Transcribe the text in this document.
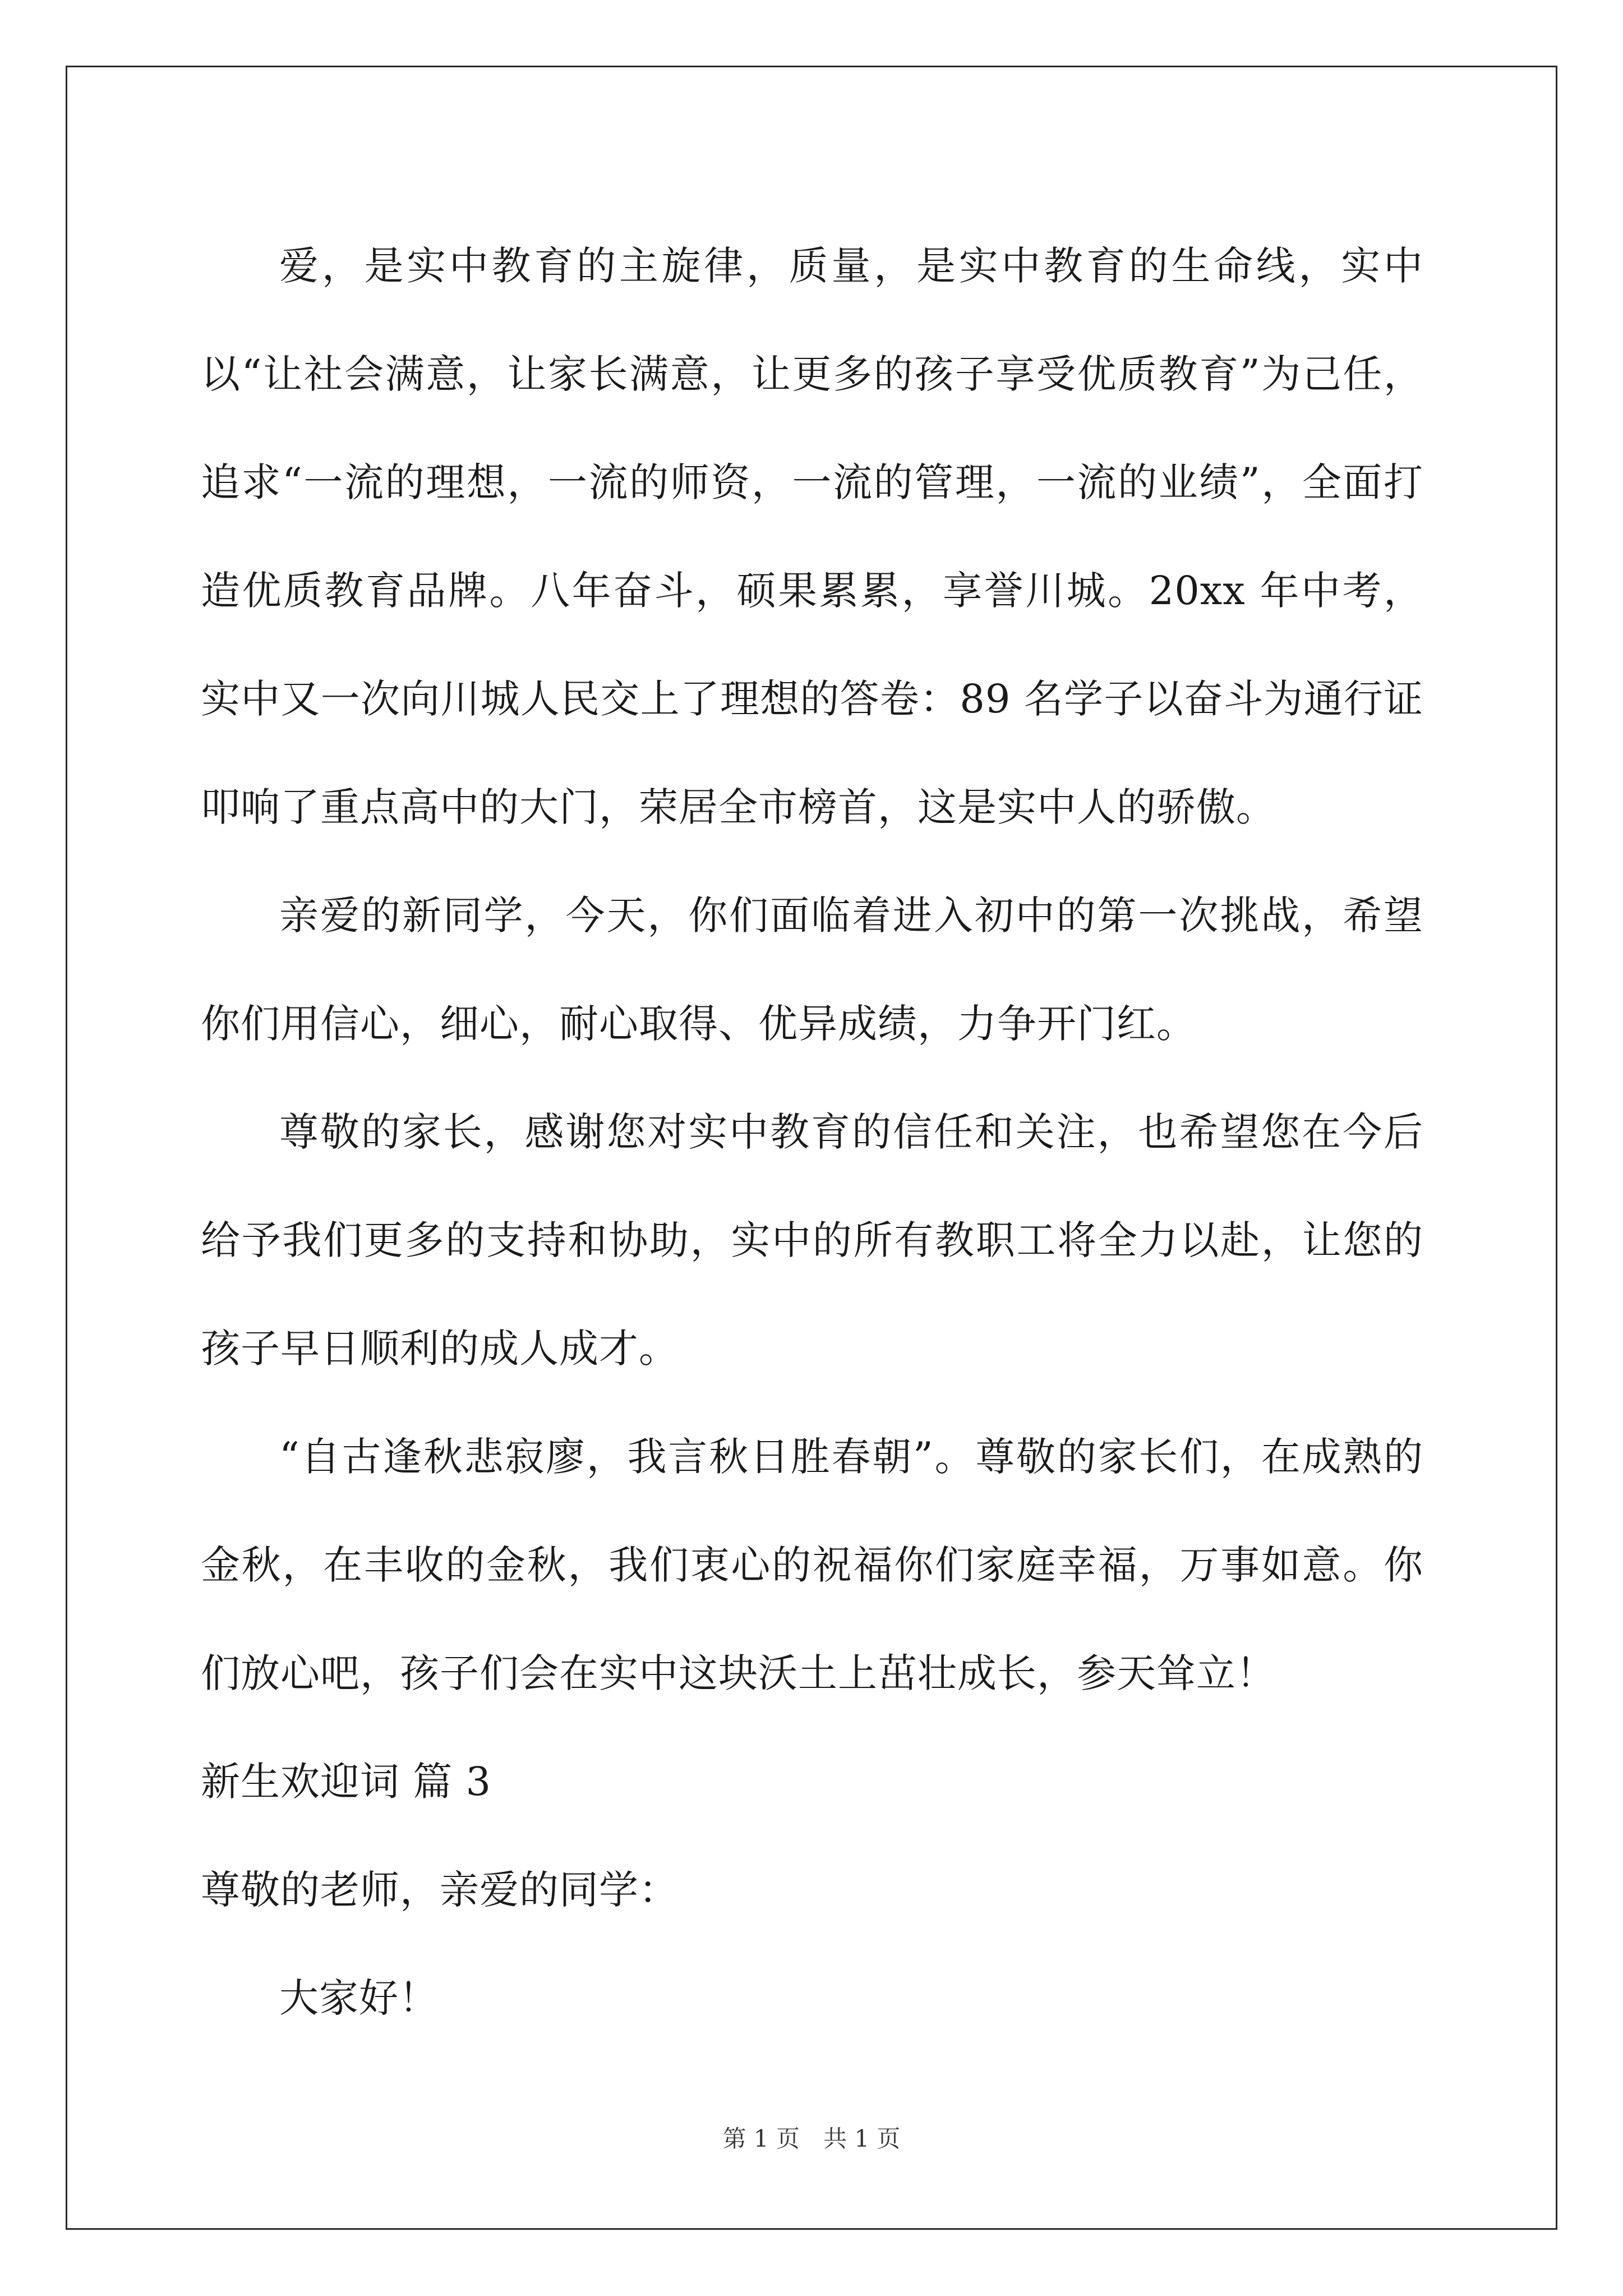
爱，是实中教育的主旋律，质量，是实中教育的生命线，实中以“让社会满意，让家长满意，让更多的孩子享受优质教育”为己任，追求“一流的理想，一流的师资，一流的管理，一流的业绩”，全面打造优质教育品牌。八年奋斗，硕果累累，享誉川城。20xx 年中考，实中又一次向川城人民交上了理想的答卷：89 名学子以奋斗为通行证叩响了重点高中的大门，荣居全市榜首，这是实中人的骄傲。

亲爱的新同学，今天，你们面临着进入初中的第一次挑战，希望你们用信心，细心，耐心取得、优异成绩，力争开门红。

尊敬的家长，感谢您对实中教育的信任和关注，也希望您在今后给予我们更多的支持和协助，实中的所有教职工将全力以赴，让您的孩子早日顺利的成人成才。

“自古逢秋悲寂廖，我言秋日胜春朝”。尊敬的家长们，在成熟的金秋，在丰收的金秋，我们衷心的祝福你们家庭幸福，万事如意。你们放心吧，孩子们会在实中这块沃土上茁壮成长，参天耸立！

新生欢迎词 篇 3

尊敬的老师，亲爱的同学：

大家好！

第 1 页　共 1 页
